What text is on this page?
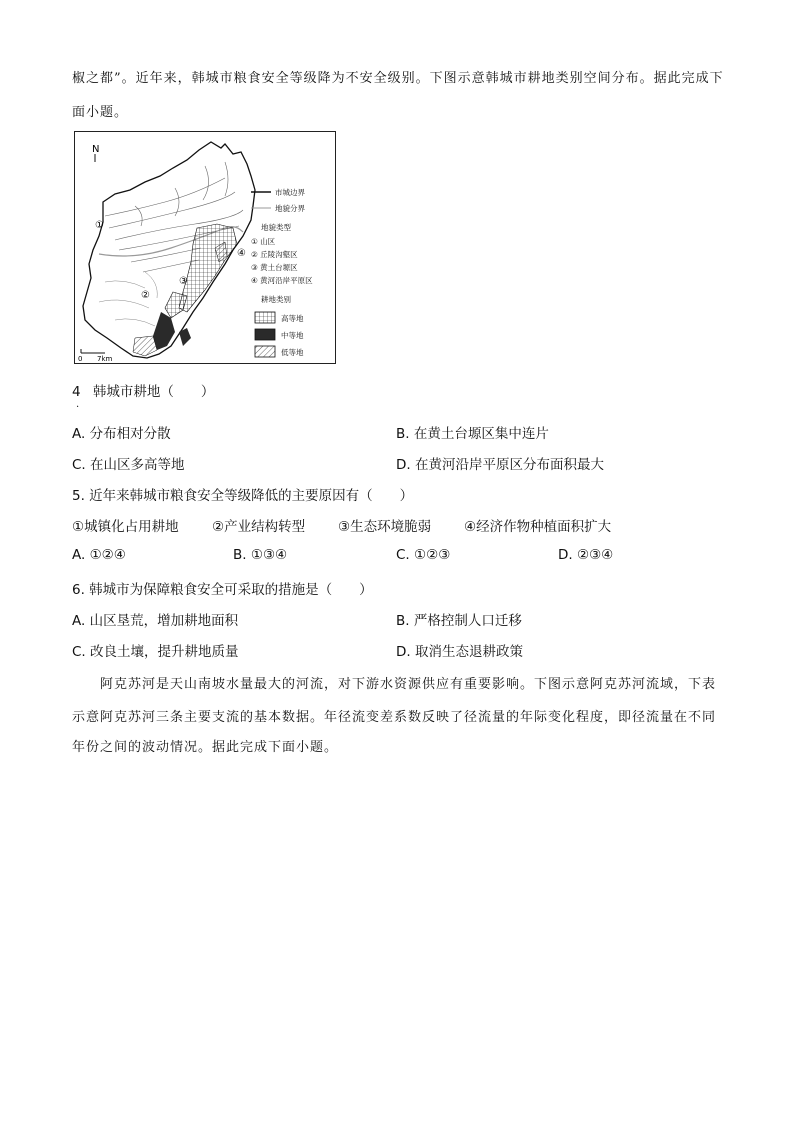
椒之都”。近年来，韩城市粮食安全等级降为不安全级别。下图示意韩城市耕地类别空间分布。据此完成下
面小题。
N
①
②
③
④
0 7km
市城边界
地貌分界
地貌类型
① 山区
② 丘陵沟壑区
③ 黄土台塬区
④ 黄河沿岸平原区
耕地类别
高等地
中等地
低等地
4 韩城市耕地（　　）
.
A. 分布相对分散	B. 在黄土台塬区集中连片
C. 在山区多高等地	D. 在黄河沿岸平原区分布面积最大
5. 近年来韩城市粮食安全等级降低的主要原因有（　　）
①城镇化占用耕地 ②产业结构转型 ③生态环境脆弱 ④经济作物种植面积扩大
A. ①②④	B. ①③④	C. ①②③	D. ②③④
6. 韩城市为保障粮食安全可采取的措施是（　　）
A. 山区垦荒，增加耕地面积	B. 严格控制人口迁移
C. 改良土壤，提升耕地质量	D. 取消生态退耕政策
阿克苏河是天山南坡水量最大的河流，对下游水资源供应有重要影响。下图示意阿克苏河流域，下表
示意阿克苏河三条主要支流的基本数据。年径流变差系数反映了径流量的年际变化程度，即径流量在不同
年份之间的波动情况。据此完成下面小题。
